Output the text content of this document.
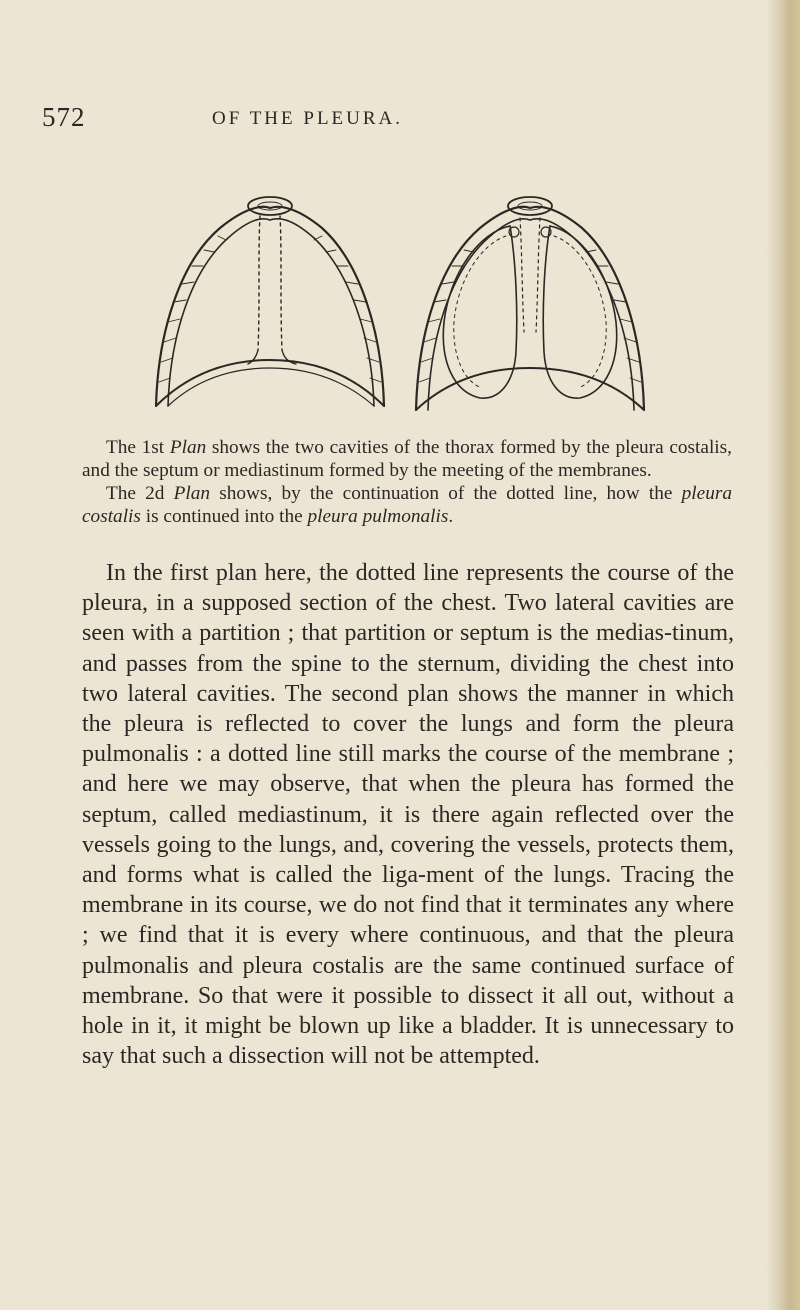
572	OF THE PLEURA.

The 1st Plan shows the two cavities of the thorax formed by the pleura costalis, and the septum or mediastinum formed by the meeting of the membranes.

The 2d Plan shows, by the continuation of the dotted line, how the pleura costalis is continued into the pleura pulmonalis.

In the first plan here, the dotted line represents the course of the pleura, in a supposed section of the chest. Two lateral cavities are seen with a partition ; that partition or septum is the medias-tinum, and passes from the spine to the sternum, dividing the chest into two lateral cavities. The second plan shows the manner in which the pleura is reflected to cover the lungs and form the pleura pulmonalis : a dotted line still marks the course of the membrane ; and here we may observe, that when the pleura has formed the septum, called mediastinum, it is there again reflected over the vessels going to the lungs, and, covering the vessels, protects them, and forms what is called the liga-ment of the lungs. Tracing the membrane in its course, we do not find that it terminates any where ; we find that it is every where continuous, and that the pleura pulmonalis and pleura costalis are the same continued surface of membrane. So that were it possible to dissect it all out, without a hole in it, it might be blown up like a bladder. It is unnecessary to say that such a dissection will not be attempted.
